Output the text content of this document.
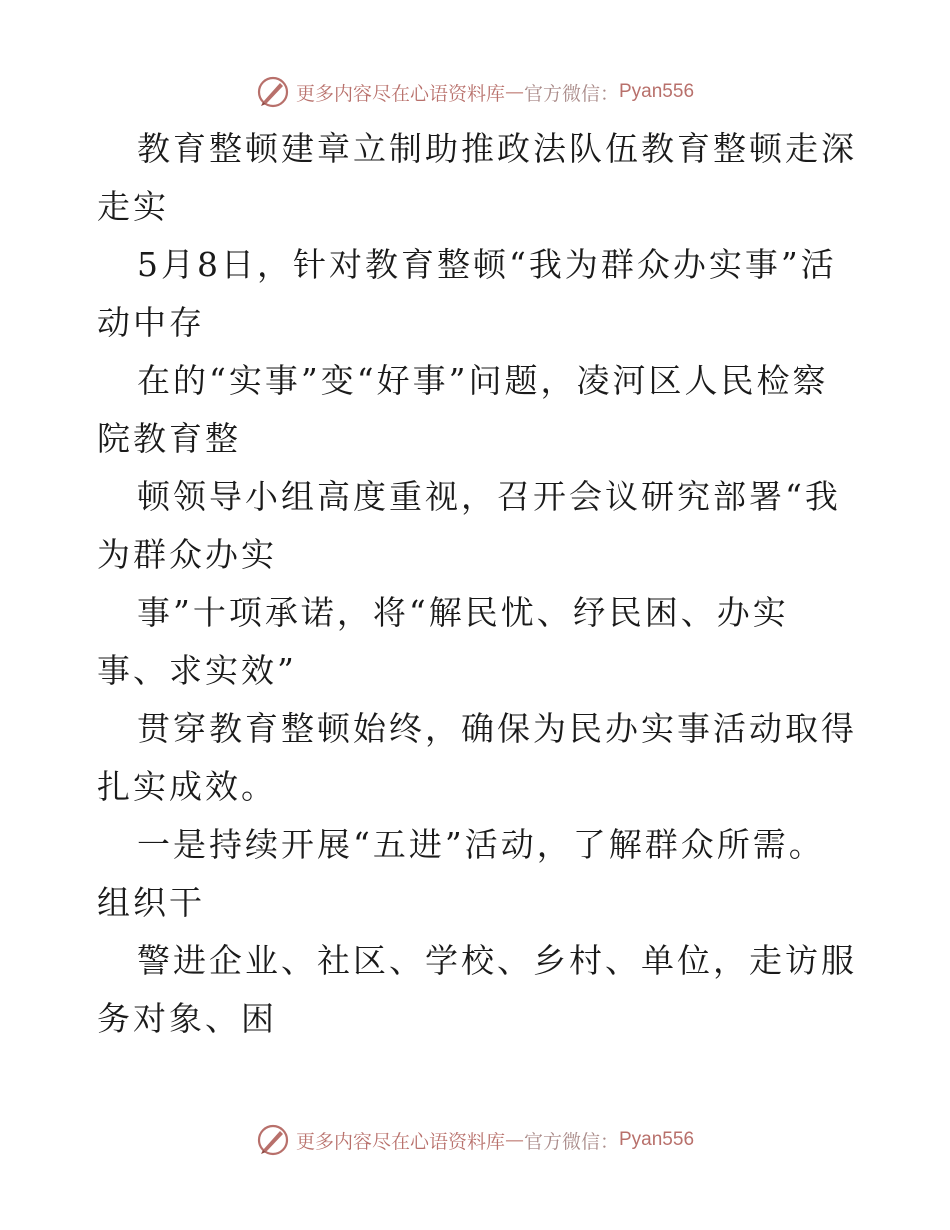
更多内容尽在心语资料库 — 官方微信： Pyan556

教育整顿建章立制助推政法队伍教育整顿走深走实

5月8日，针对教育整顿“我为群众办实事”活动中存

在的“实事”变“好事”问题，凌河区人民检察院教育整

顿领导小组高度重视，召开会议研究部署“我为群众办实

事”十项承诺，将“解民忧、纾民困、办实事、求实效”

贯穿教育整顿始终，确保为民办实事活动取得扎实成效。

一是持续开展“五进”活动，了解群众所需。组织干

警进企业、社区、学校、乡村、单位，走访服务对象、困

更多内容尽在心语资料库 — 官方微信： Pyan556
